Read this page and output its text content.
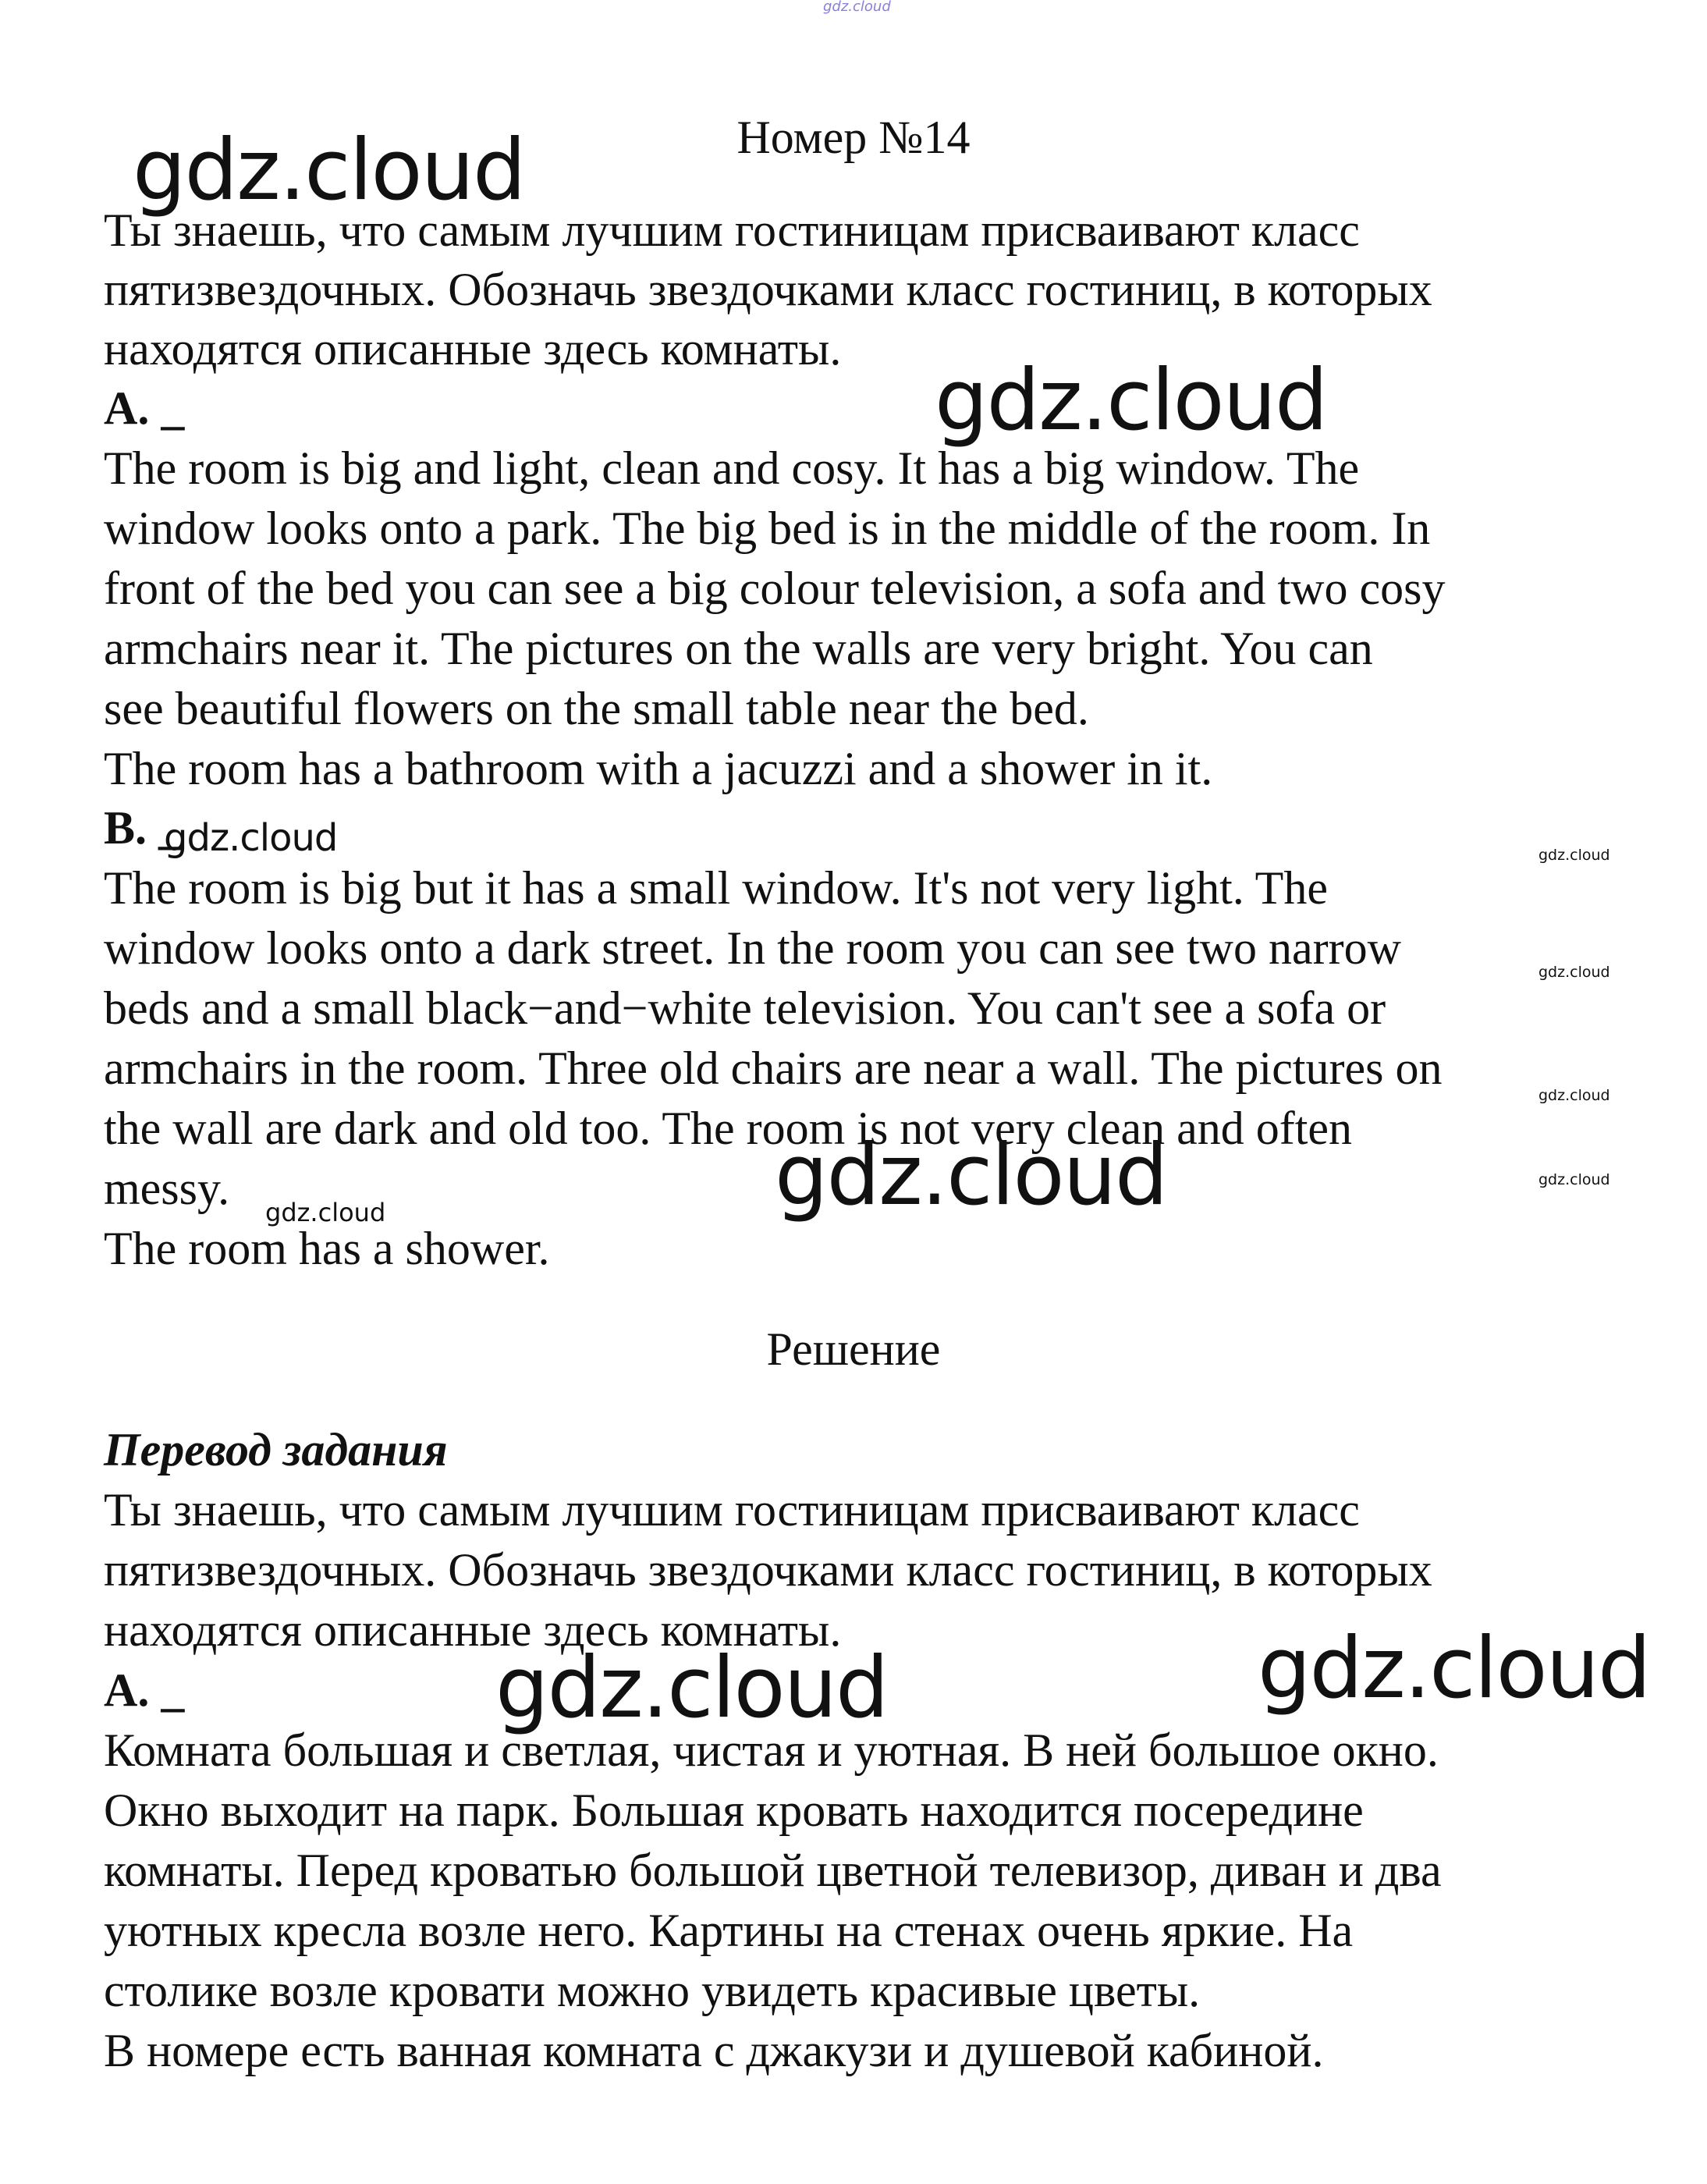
gdz.cloud
Номер №14
Ты знаешь, что самым лучшим гостиницам присваивают класс
пятизвездочных. Обозначь звездочками класс гостиниц, в которых
находятся описанные здесь комнаты.
A. _
The room is big and light, clean and cosy. It has a big window. The
window looks onto a park. The big bed is in the middle of the room. In
front of the bed you can see a big colour television, a sofa and two cosy
armchairs near it. The pictures on the walls are very bright. You can
see beautiful flowers on the small table near the bed.
The room has a bathroom with a jacuzzi and a shower in it.
B. _
The room is big but it has a small window. It's not very light. The
window looks onto a dark street. In the room you can see two narrow
beds and a small black−and−white television. You can't see a sofa or
armchairs in the room. Three old chairs are near a wall. The pictures on
the wall are dark and old too. The room is not very clean and often
messy.
The room has a shower.
Решение
Перевод задания
Ты знаешь, что самым лучшим гостиницам присваивают класс
пятизвездочных. Обозначь звездочками класс гостиниц, в которых
находятся описанные здесь комнаты.
A. _
Комната большая и светлая, чистая и уютная. В ней большое окно.
Окно выходит на парк. Большая кровать находится посередине
комнаты. Перед кроватью большой цветной телевизор, диван и два
уютных кресла возле него. Картины на стенах очень яркие. На
столике возле кровати можно увидеть красивые цветы.
В номере есть ванная комната с джакузи и душевой кабиной.
gdz.cloud
gdz.cloud
gdz.cloud	gdz.cloud
gdz.cloud
gdz.cloud
gdz.cloud
gdz.cloud
gdz.cloud
gdz.cloud
gdz.cloud
